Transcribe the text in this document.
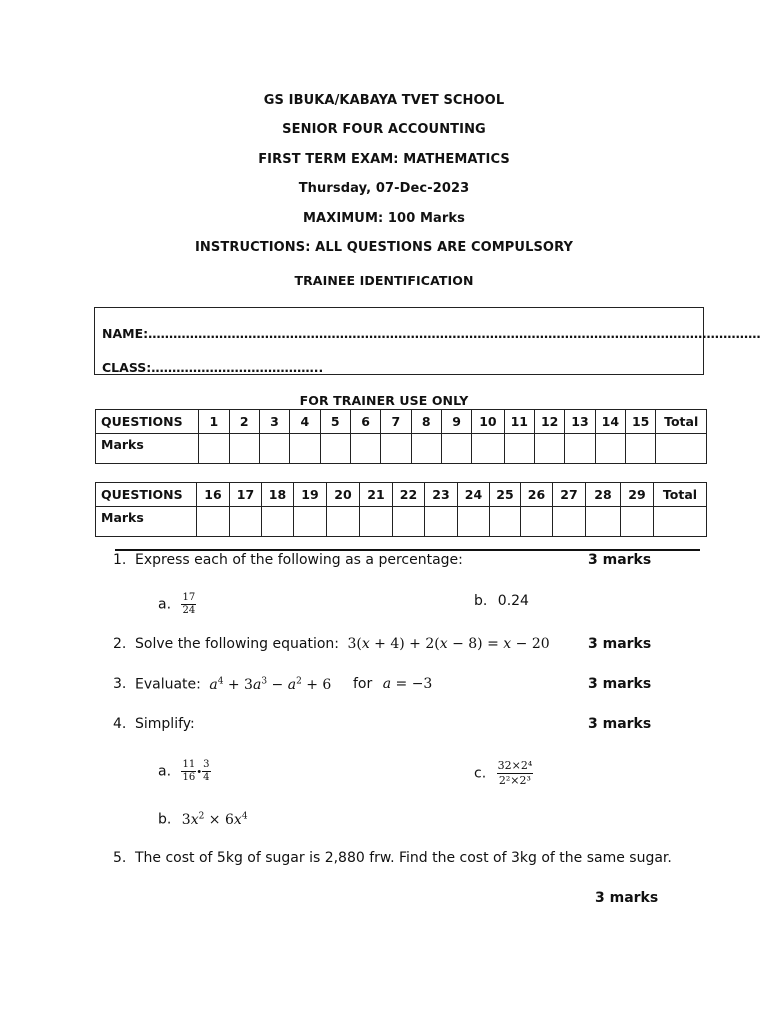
GS IBUKA/KABAYA TVET SCHOOL
SENIOR FOUR ACCOUNTING
FIRST TERM EXAM: MATHEMATICS
Thursday, 07-Dec-2023
MAXIMUM: 100 Marks
INSTRUCTIONS: ALL QUESTIONS ARE COMPULSORY
TRAINEE IDENTIFICATION
NAME:…………………………………………………………………………………………………………………………………
CLASS:…………………………………..
FOR TRAINER USE ONLY
QUESTIONS	1	2	3	4	5	6	7	8	9	10	11	12	13	14	15	Total
Marks																
QUESTIONS	16	17	18	19	20	21	22	23	24	25	26	27	28	29	Total
Marks															
1. Express each of the following as a percentage:	3 marks
a. $\frac{17}{24}$	b. 0.24
2. Solve the following equation: 3(x + 4) + 2(x − 8) = x − 20	3 marks
3. Evaluate: $a^4 + 3a^3 - a^2 + 6$ for a = −3	3 marks
4. Simplify:	3 marks
a. $\frac{11}{16}$ • $\frac{3}{4}$	c. $\frac{\text{32×2⁴}}{\text{2²×2³}}$
b. $3x^2 \times 6x^4$
5. The cost of 5kg of sugar is 2,880 frw. Find the cost of 3kg of the same sugar.
3 marks
